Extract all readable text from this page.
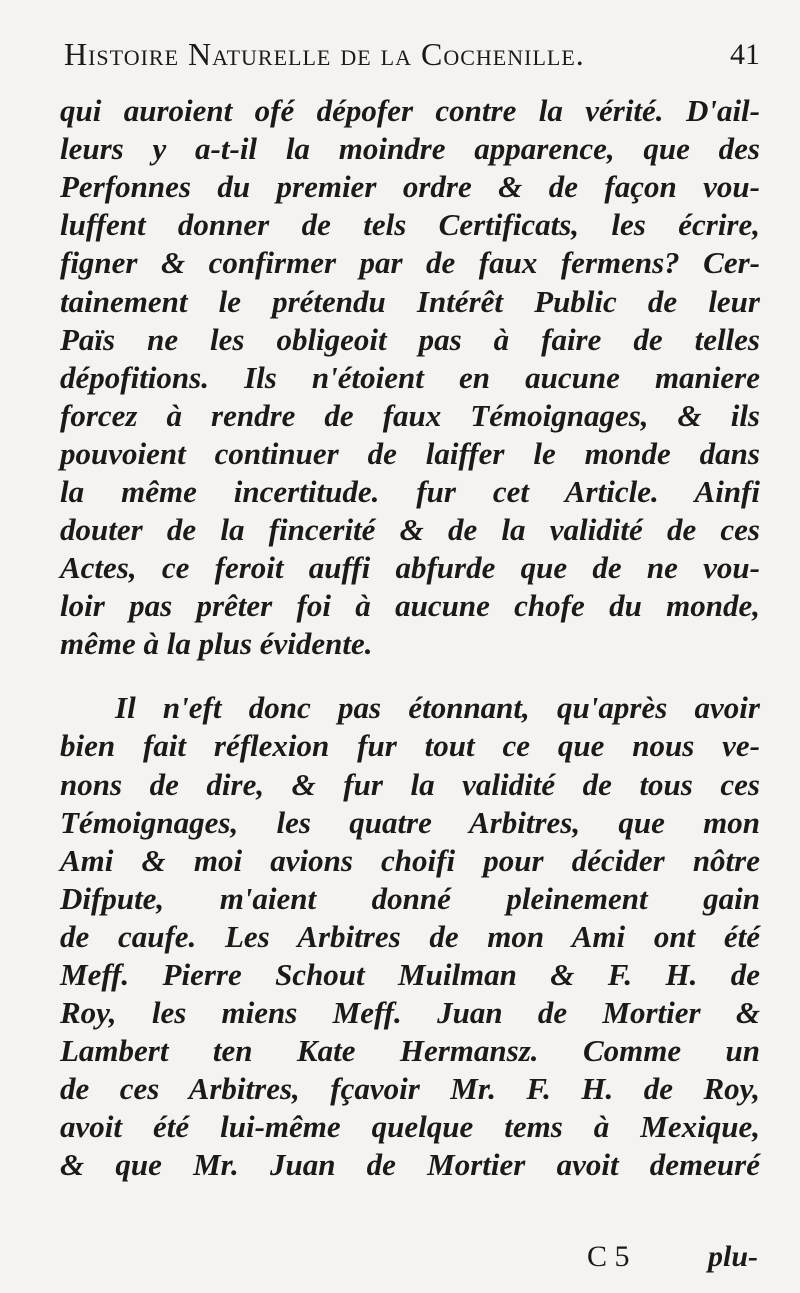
Histoire Naturelle de la Cochenille.	41
qui auroient ofé dépofer contre la vérité. D'ail-
leurs y a-t-il la moindre apparence, que des
Perfonnes du premier ordre & de façon vou-
luffent donner de tels Certificats, les écrire,
figner & confirmer par de faux fermens? Cer-
tainement le prétendu Intérêt Public de leur
Païs ne les obligeoit pas à faire de telles
dépofitions. Ils n'étoient en aucune maniere
forcez à rendre de faux Témoignages, & ils
pouvoient continuer de laiffer le monde dans
la même incertitude. fur cet Article. Ainfi
douter de la fincerité & de la validité de ces
Actes, ce feroit auffi abfurde que de ne vou-
loir pas prêter foi à aucune chofe du monde,
même à la plus évidente.
Il n'eft donc pas étonnant, qu'après avoir
bien fait réflexion fur tout ce que nous ve-
nons de dire, & fur la validité de tous ces
Témoignages, les quatre Arbitres, que mon
Ami & moi avions choifi pour décider nôtre
Difpute, m'aient donné pleinement gain
de caufe. Les Arbitres de mon Ami ont été
Meff. Pierre Schout Muilman & F. H. de
Roy, les miens Meff. Juan de Mortier &
Lambert ten Kate Hermansz. Comme un
de ces Arbitres, fçavoir Mr. F. H. de Roy,
avoit été lui-même quelque tems à Mexique,
& que Mr. Juan de Mortier avoit demeuré
C 5	plu-
